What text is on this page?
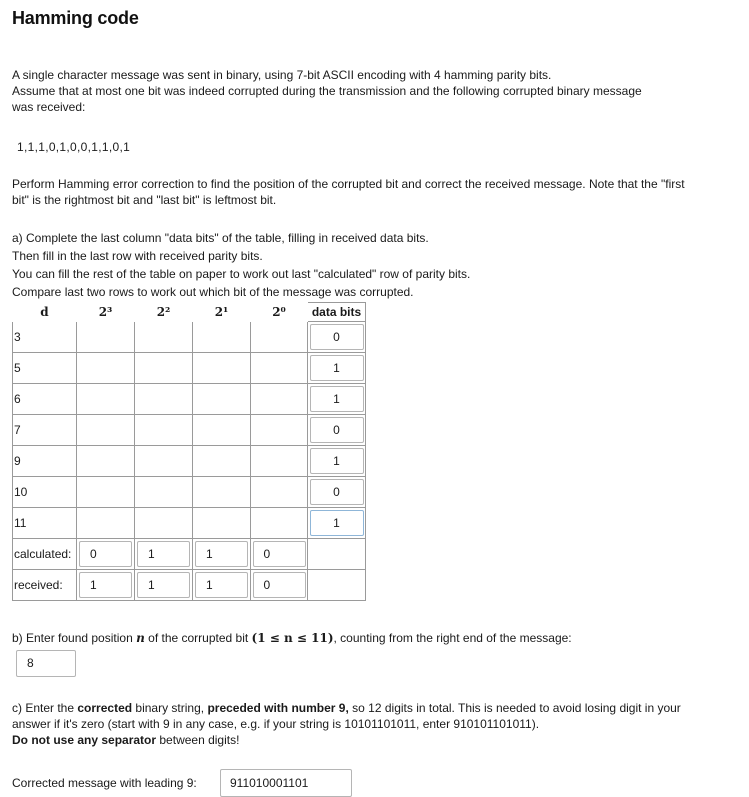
Hamming code
A single character message was sent in binary, using 7-bit ASCII encoding with 4 hamming parity bits.
Assume that at most one bit was indeed corrupted during the transmission and the following corrupted binary message was received:
1,1,1,0,1,0,0,1,1,0,1
Perform Hamming error correction to find the position of the corrupted bit and correct the received message. Note that the "first bit" is the rightmost bit and "last bit" is leftmost bit.
a) Complete the last column "data bits" of the table, filling in received data bits.
Then fill in the last row with received parity bits.
You can fill the rest of the table on paper to work out last "calculated" row of parity bits.
Compare last two rows to work out which bit of the message was corrupted.
d	2³	2²	2¹	2⁰	data bits
3					0

5					1

6					1

7					0

9					1

10					0

11					1

calculated:	0	1	1	0	

received:	1	1	1	0	

b) Enter found position n of the corrupted bit (1 ≤ n ≤ 11), counting from the right end of the message:
8
c) Enter the corrected binary string, preceded with number 9, so 12 digits in total. This is needed to avoid losing digit in your answer if it's zero (start with 9 in any case, e.g. if your string is 10101101011, enter 910101101011).
Do not use any separator between digits!
Corrected message with leading 9:	911010001101
